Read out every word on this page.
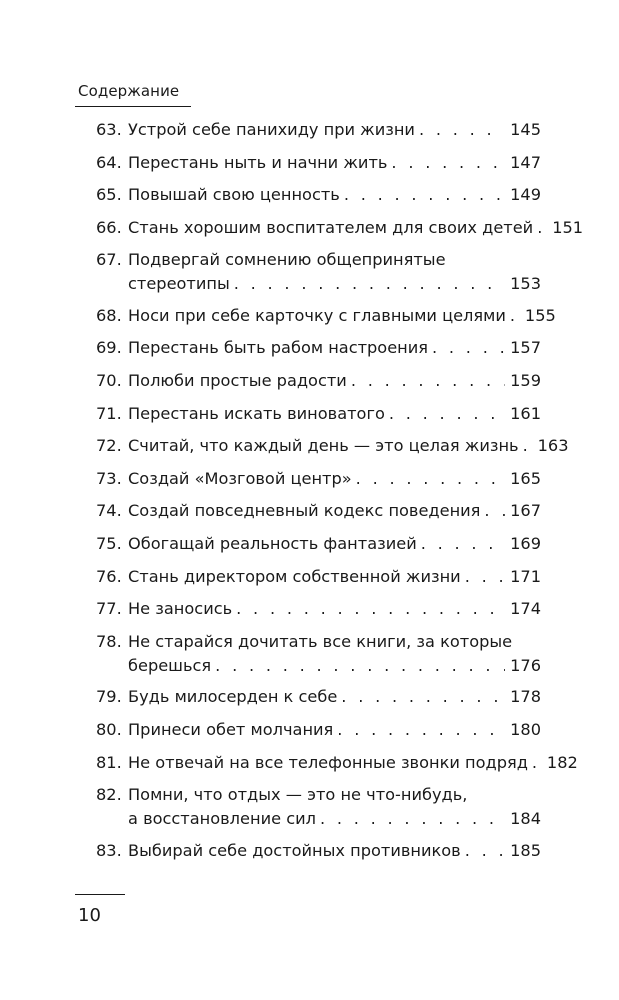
Содержание
63. Устрой себе панихиду при жизни . . .	145
64. Перестань ныть и начни жить . . .	147
65. Повышай свою ценность . . .	149
66. Стань хорошим воспитателем для своих детей . . . 151
67. Подвергай сомнению общепринятые
стереотипы . . .	153
68. Носи при себе карточку с главными целями . . . 155
69. Перестань быть рабом настроения . . .	157
70. Полюби простые радости . . .	159
71. Перестань искать виноватого . . .	161
72. Считай, что каждый день — это целая жизнь . . . 163
73. Создай «Мозговой центр» . . .	165
74. Создай повседневный кодекс поведения . . . 167
75. Обогащай реальность фантазией . . .	169
76. Стань директором собственной жизни . . .	171
77. Не заносись . . .	174
78. Не старайся дочитать все книги, за которые
берешься . . .	176
79. Будь милосерден к себе . . .	178
80. Принеси обет молчания . . .	180
81. Не отвечай на все телефонные звонки подряд . . . 182
82. Помни, что отдых — это не что-нибудь,
а восстановление сил . . .	184
83. Выбирай себе достойных противников . . .	185
10
